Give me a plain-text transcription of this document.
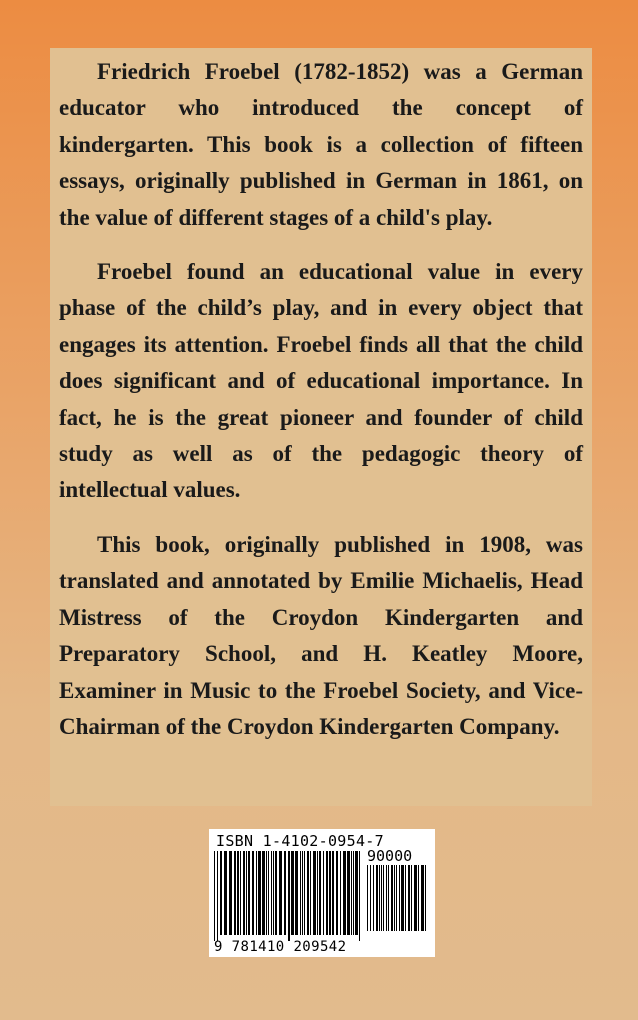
Friedrich Froebel (1782-1852) was a German educator who introduced the concept of kindergarten. This book is a collection of fifteen essays, originally published in German in 1861, on the value of different stages of a child's play.

Froebel found an educational value in every phase of the child’s play, and in every object that engages its attention. Froebel finds all that the child does significant and of educational importance. In fact, he is the great pioneer and founder of child study as well as of the pedagogic theory of intellectual values.

This book, originally published in 1908, was translated and annotated by Emilie Michaelis, Head Mistress of the Croydon Kindergarten and Preparatory School, and H. Keatley Moore, Examiner in Music to the Froebel Society, and Vice-Chairman of the Croydon Kindergarten Company.

ISBN 1-4102-0954-7
90000
9 781410 209542
